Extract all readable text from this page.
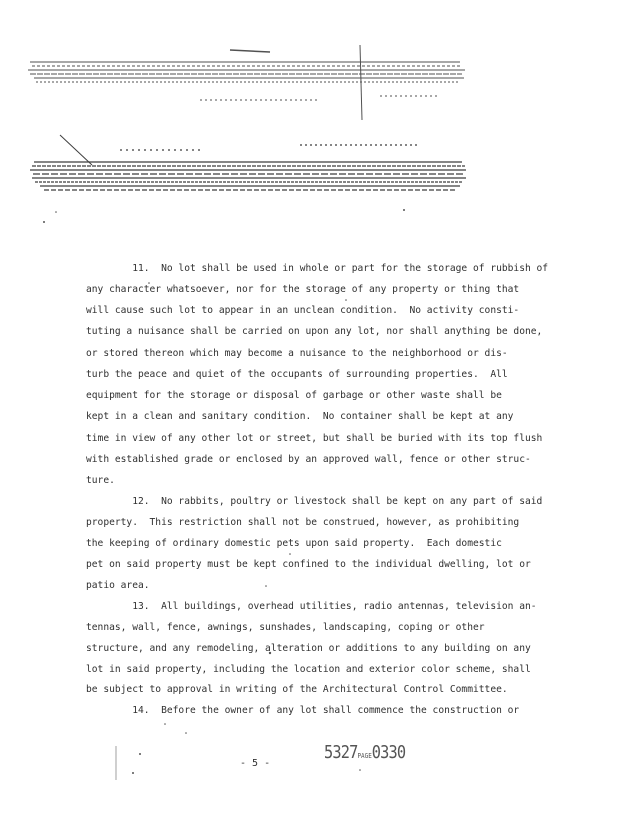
11.  No lot shall be used in whole or part for the storage of rubbish of
any character whatsoever, nor for the storage of any property or thing that
will cause such lot to appear in an unclean condition.  No activity consti-
tuting a nuisance shall be carried on upon any lot, nor shall anything be done,
or stored thereon which may become a nuisance to the neighborhood or dis-
turb the peace and quiet of the occupants of surrounding properties.  All
equipment for the storage or disposal of garbage or other waste shall be
kept in a clean and sanitary condition.  No container shall be kept at any
time in view of any other lot or street, but shall be buried with its top flush
with established grade or enclosed by an approved wall, fence or other struc-
ture.
12.  No rabbits, poultry or livestock shall be kept on any part of said
property.  This restriction shall not be construed, however, as prohibiting
the keeping of ordinary domestic pets upon said property.  Each domestic
pet on said property must be kept confined to the individual dwelling, lot or
patio area.
13.  All buildings, overhead utilities, radio antennas, television an-
tennas, wall, fence, awnings, sunshades, landscaping, coping or other
structure, and any remodeling, alteration or additions to any building on any
lot in said property, including the location and exterior color scheme, shall
be subject to approval in writing of the Architectural Control Committee.
14.  Before the owner of any lot shall commence the construction or
- 5 -
5327PAGE0330
